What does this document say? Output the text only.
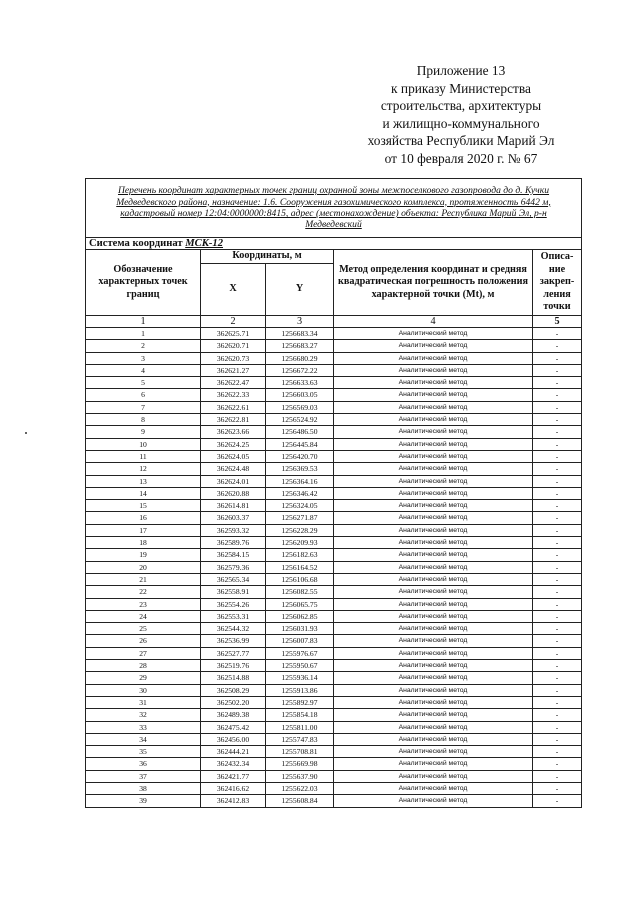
Приложение 13
к приказу Министерства
строительства, архитектуры
и жилищно-коммунального
хозяйства Республики Марий Эл
от 10 февраля 2020 г. № 67
Перечень координат характерных точек границ охранной зоны межпоселкового газопровода до д. Кучки Медведевского района, назначение: 1.6. Сооружения газохимического комплекса, протяженность 6442 м, кадастровый номер 12:04:0000000:8415, адрес (местонахождение) объекта: Республика Марий Эл, р-н Медведевский				
Система координат МСК-12				
Обозначение характерных точек границ	Координаты, м		Метод определения координат и средняя квадратическая погрешность положения характерной точки (Mt), м	Описа-ние закреп-ления точки
	X	Y		
1	2	3	4	5
1	362625.71	1256683.34	Аналитический метод	-
2	362620.71	1256683.27	Аналитический метод	-
3	362620.73	1256680.29	Аналитический метод	-
4	362621.27	1256672.22	Аналитический метод	-
5	362622.47	1256633.63	Аналитический метод	-
6	362622.33	1256603.05	Аналитический метод	-
7	362622.61	1256569.03	Аналитический метод	-
8	362622.81	1256524.92	Аналитический метод	-
9	362623.66	1256486.50	Аналитический метод	-
10	362624.25	1256445.84	Аналитический метод	-
11	362624.05	1256420.70	Аналитический метод	-
12	362624.48	1256369.53	Аналитический метод	-
13	362624.01	1256364.16	Аналитический метод	-
14	362620.88	1256346.42	Аналитический метод	-
15	362614.81	1256324.05	Аналитический метод	-
16	362603.37	1256271.87	Аналитический метод	-
17	362593.32	1256228.29	Аналитический метод	-
18	362589.76	1256209.93	Аналитический метод	-
19	362584.15	1256182.63	Аналитический метод	-
20	362579.36	1256164.52	Аналитический метод	-
21	362565.34	1256106.68	Аналитический метод	-
22	362558.91	1256082.55	Аналитический метод	-
23	362554.26	1256065.75	Аналитический метод	-
24	362553.31	1256062.85	Аналитический метод	-
25	362544.32	1256031.93	Аналитический метод	-
26	362536.99	1256007.83	Аналитический метод	-
27	362527.77	1255976.67	Аналитический метод	-
28	362519.76	1255950.67	Аналитический метод	-
29	362514.88	1255936.14	Аналитический метод	-
30	362508.29	1255913.86	Аналитический метод	-
31	362502.20	1255892.97	Аналитический метод	-
32	362489.38	1255854.18	Аналитический метод	-
33	362475.42	1255811.00	Аналитический метод	-
34	362456.00	1255747.83	Аналитический метод	-
35	362444.21	1255708.81	Аналитический метод	-
36	362432.34	1255669.98	Аналитический метод	-
37	362421.77	1255637.90	Аналитический метод	-
38	362416.62	1255622.03	Аналитический метод	-
39	362412.83	1255608.84	Аналитический метод	-
